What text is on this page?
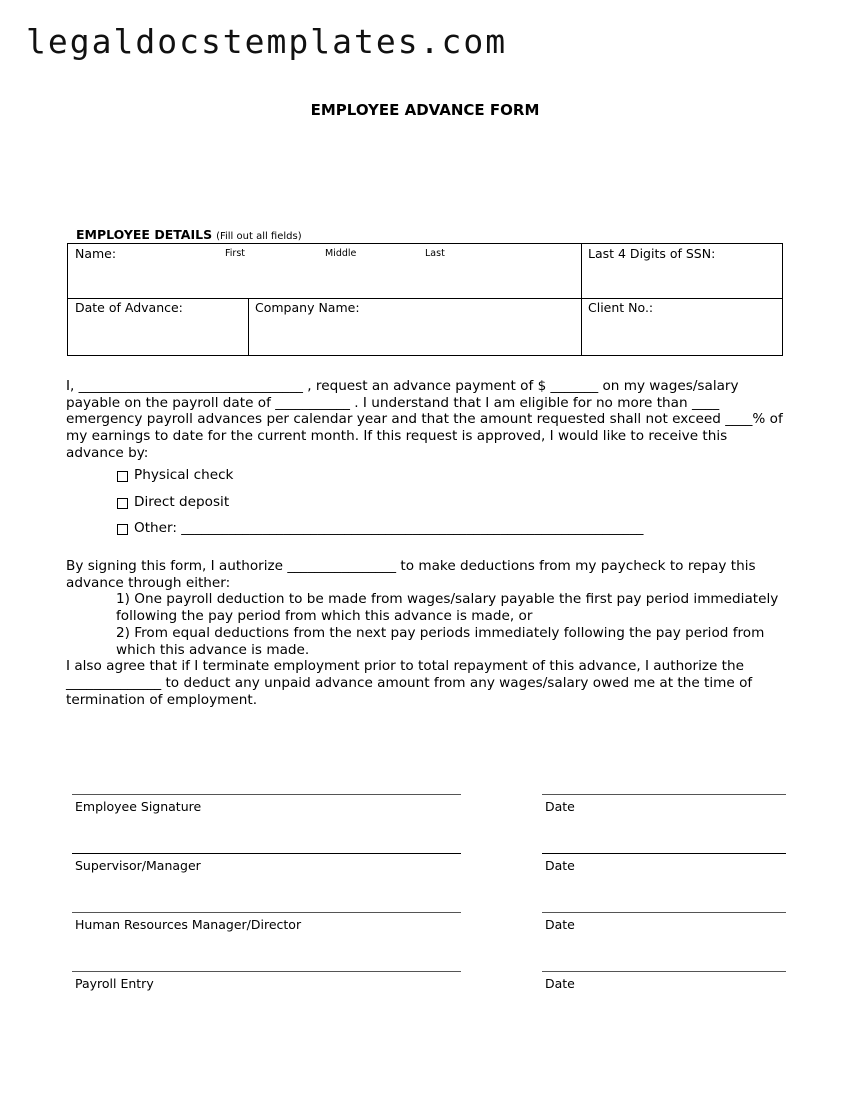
legaldocstemplates.com
EMPLOYEE ADVANCE FORM
EMPLOYEE DETAILS (Fill out all fields)
Name:	First	Middle	Last	Last 4 Digits of SSN:
Date of Advance:	Company Name:	Client No.:

I, _________________________________ , request an advance payment of $ _______ on my wages/salary payable on the payroll date of ___________ . I understand that I am eligible for no more than ____ emergency payroll advances per calendar year and that the amount requested shall not exceed ____% of my earnings to date for the current month. If this request is approved, I would like to receive this advance by:

Physical check
Direct deposit
Other: ____________________________________________________________________

By signing this form, I authorize ________________ to make deductions from my paycheck to repay this advance through either:

1) One payroll deduction to be made from wages/salary payable the first pay period immediately following the pay period from which this advance is made, or

2) From equal deductions from the next pay periods immediately following the pay period from which this advance is made.

I also agree that if I terminate employment prior to total repayment of this advance, I authorize the ______________ to deduct any unpaid advance amount from any wages/salary owed me at the time of termination of employment.

Employee Signature	Date
Supervisor/Manager	Date
Human Resources Manager/Director	Date
Payroll Entry	Date
